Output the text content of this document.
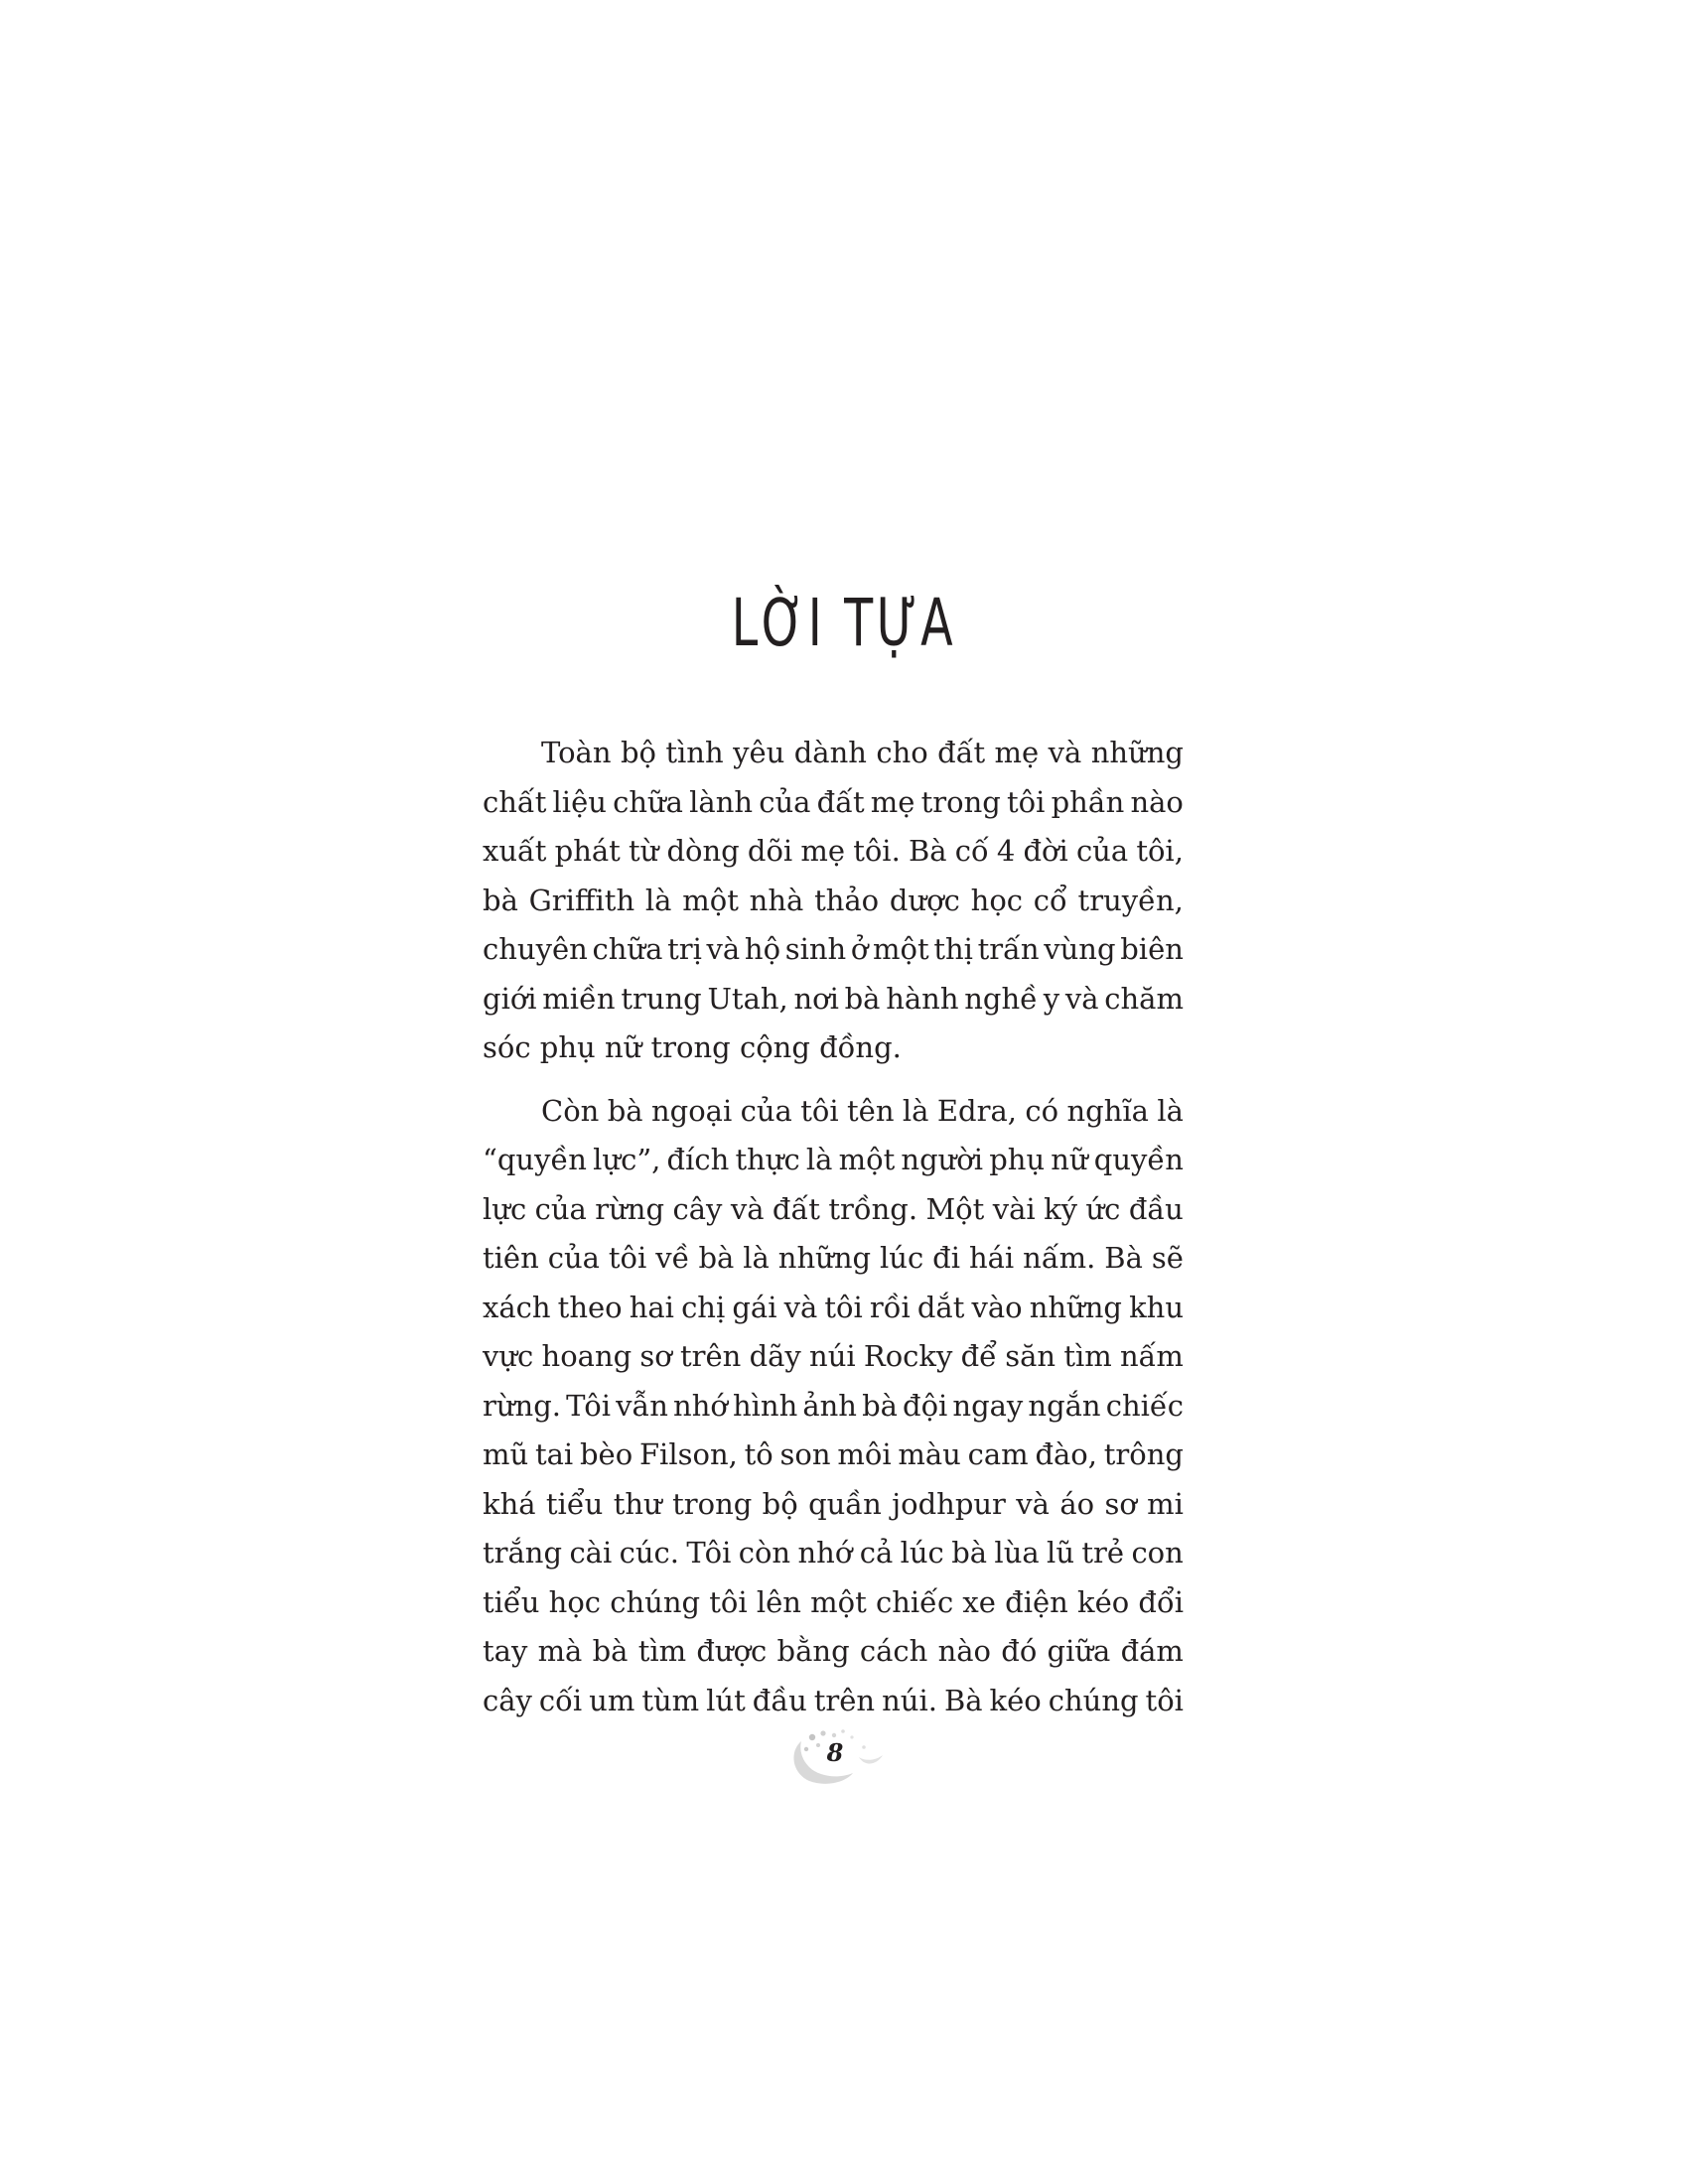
LỜI TỰA
Toàn bộ tình yêu dành cho đất mẹ và những
chất liệu chữa lành của đất mẹ trong tôi phần nào
xuất phát từ dòng dõi mẹ tôi. Bà cố 4 đời của tôi,
bà Griffith là một nhà thảo dược học cổ truyền,
chuyên chữa trị và hộ sinh ở một thị trấn vùng biên
giới miền trung Utah, nơi bà hành nghề y và chăm
sóc phụ nữ trong cộng đồng.
Còn bà ngoại của tôi tên là Edra, có nghĩa là
“quyền lực”, đích thực là một người phụ nữ quyền
lực của rừng cây và đất trồng. Một vài ký ức đầu
tiên của tôi về bà là những lúc đi hái nấm. Bà sẽ
xách theo hai chị gái và tôi rồi dắt vào những khu
vực hoang sơ trên dãy núi Rocky để săn tìm nấm
rừng. Tôi vẫn nhớ hình ảnh bà đội ngay ngắn chiếc
mũ tai bèo Filson, tô son môi màu cam đào, trông
khá tiểu thư trong bộ quần jodhpur và áo sơ mi
trắng cài cúc. Tôi còn nhớ cả lúc bà lùa lũ trẻ con
tiểu học chúng tôi lên một chiếc xe điện kéo đổi
tay mà bà tìm được bằng cách nào đó giữa đám
cây cối um tùm lút đầu trên núi. Bà kéo chúng tôi
8
